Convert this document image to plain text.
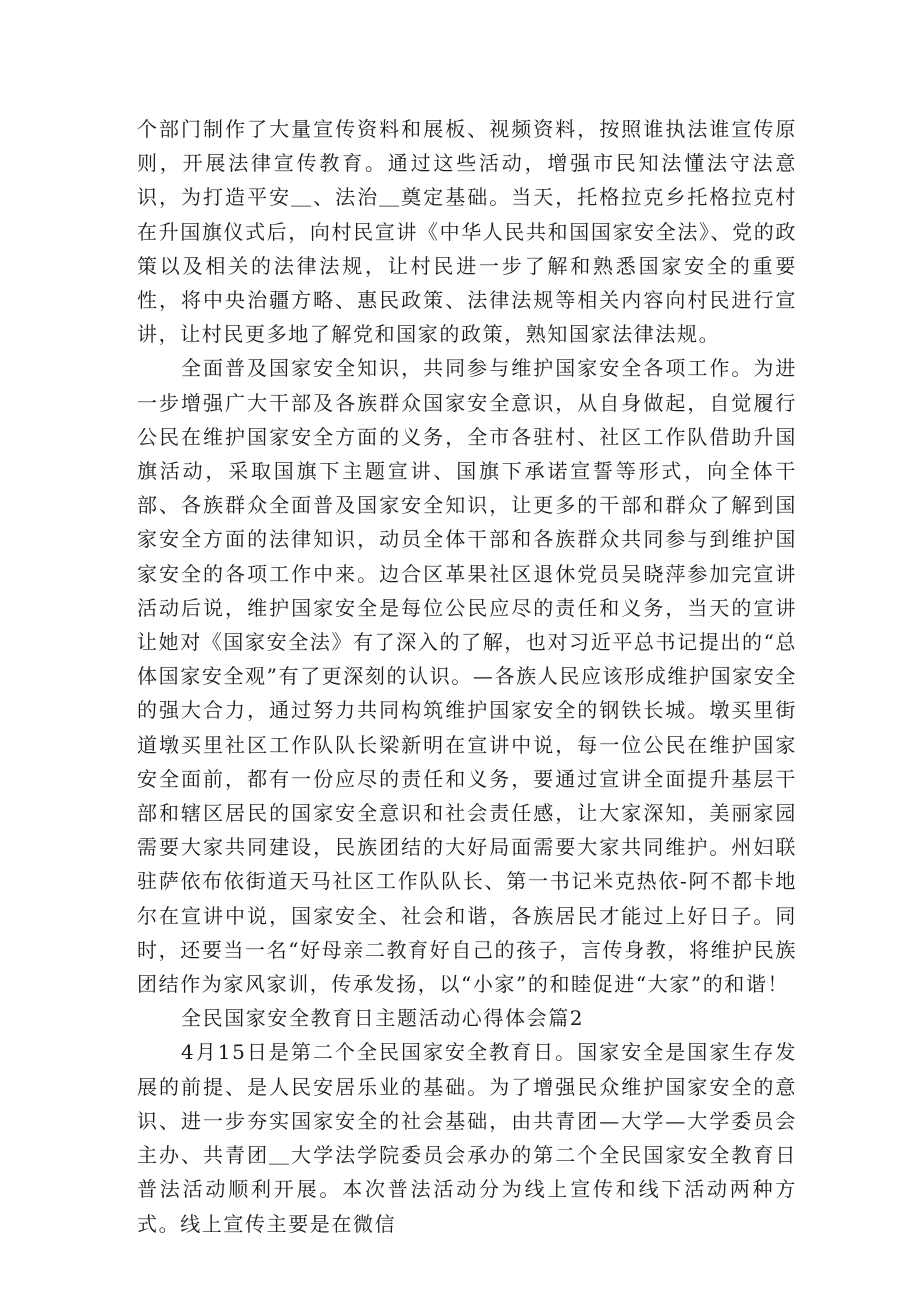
个部门制作了大量宣传资料和展板、视频资料，按照谁执法谁宣传原则，开展法律宣传教育。通过这些活动，增强市民知法懂法守法意识，为打造平安＿、法治＿奠定基础。当天，托格拉克乡托格拉克村在升国旗仪式后，向村民宣讲《中华人民共和国国家安全法》、党的政策以及相关的法律法规，让村民进一步了解和熟悉国家安全的重要性，将中央治疆方略、惠民政策、法律法规等相关内容向村民进行宣讲，让村民更多地了解党和国家的政策，熟知国家法律法规。

全面普及国家安全知识，共同参与维护国家安全各项工作。为进一步增强广大干部及各族群众国家安全意识，从自身做起，自觉履行公民在维护国家安全方面的义务，全市各驻村、社区工作队借助升国旗活动，采取国旗下主题宣讲、国旗下承诺宣誓等形式，向全体干部、各族群众全面普及国家安全知识，让更多的干部和群众了解到国家安全方面的法律知识，动员全体干部和各族群众共同参与到维护国家安全的各项工作中来。边合区革果社区退休党员吴晓萍参加完宣讲活动后说，维护国家安全是每位公民应尽的责任和义务，当天的宣讲让她对《国家安全法》有了深入的了解，也对习近平总书记提出的“总体国家安全观”有了更深刻的认识。—各族人民应该形成维护国家安全的强大合力，通过努力共同构筑维护国家安全的钢铁长城。墩买里街道墩买里社区工作队队长梁新明在宣讲中说，每一位公民在维护国家安全面前，都有一份应尽的责任和义务，要通过宣讲全面提升基层干部和辖区居民的国家安全意识和社会责任感，让大家深知，美丽家园需要大家共同建设，民族团结的大好局面需要大家共同维护。州妇联驻萨依布依街道天马社区工作队队长、第一书记米克热依-阿不都卡地尔在宣讲中说，国家安全、社会和谐，各族居民才能过上好日子。同时，还要当一名“好母亲二教育好自己的孩子，言传身教，将维护民族团结作为家风家训，传承发扬，以“小家”的和睦促进“大家”的和谐！

全民国家安全教育日主题活动心得体会篇2

4月15日是第二个全民国家安全教育日。国家安全是国家生存发展的前提、是人民安居乐业的基础。为了增强民众维护国家安全的意识、进一步夯实国家安全的社会基础，由共青团—大学—大学委员会主办、共青团＿大学法学院委员会承办的第二个全民国家安全教育日普法活动顺利开展。本次普法活动分为线上宣传和线下活动两种方式。线上宣传主要是在微信
